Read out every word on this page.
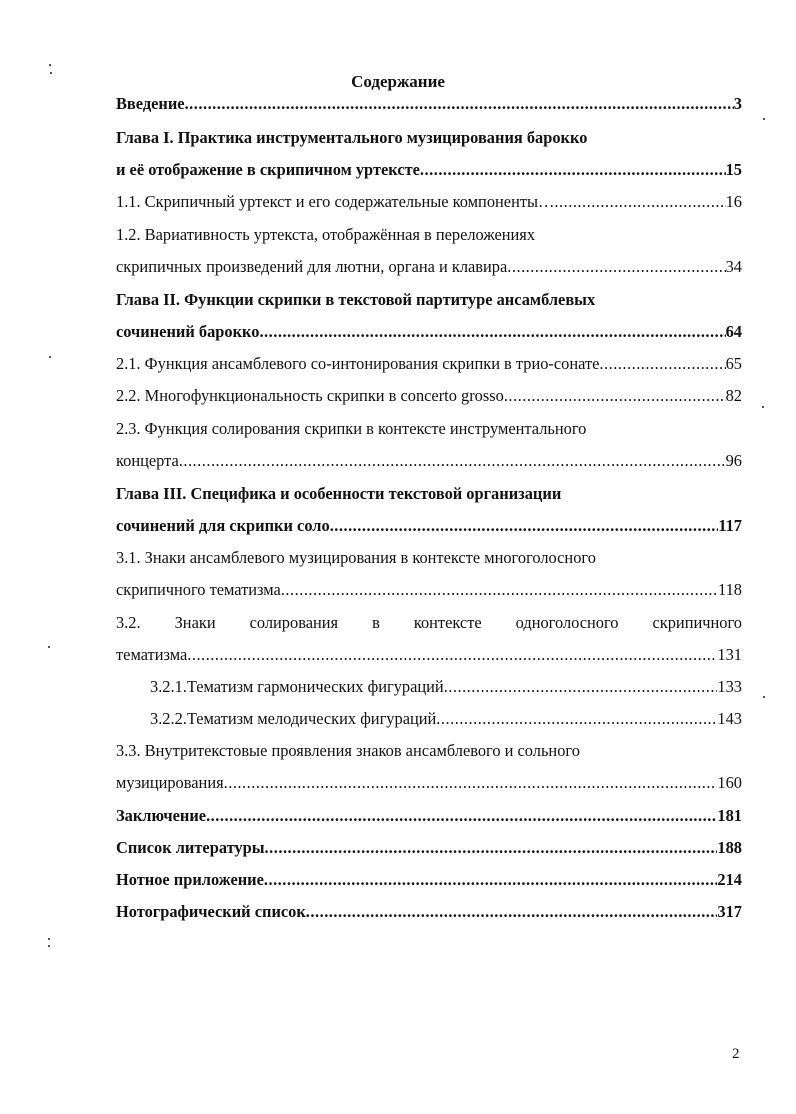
Содержание
Введение .....	3
Глава I. Практика инструментального музицирования барокко
и её отображение в скрипичном уртексте .....	15
1.1. Скрипичный уртекст и его содержательные компоненты… .....	16
1.2. Вариативность уртекста, отображённая в переложениях
скрипичных произведений для лютни, органа и клавира .....	34
Глава II. Функции скрипки в текстовой партитуре ансамблевых
сочинений барокко .....	64
2.1. Функция ансамблевого со-интонирования скрипки в трио-сонате .....	65
2.2. Многофункциональность скрипки в concerto grosso .....	82
2.3. Функция солирования скрипки в контексте инструментального
концерта .....	96
Глава III. Специфика и особенности текстовой организации
сочинений для скрипки соло .....	117
3.1. Знаки ансамблевого музицирования в контексте многоголосного
скрипичного тематизма .....	118
3.2. Знаки солирования в контексте одноголосного скрипичного
тематизма .....	131
3.2.1.Тематизм гармонических фигураций .....	133
3.2.2.Тематизм мелодических фигураций .....	143
3.3. Внутритекстовые проявления знаков ансамблевого и сольного
музицирования .....	160
Заключение .....	181
Список литературы .....	188
Нотное приложение .....	214
Нотографический список .....	317
2
